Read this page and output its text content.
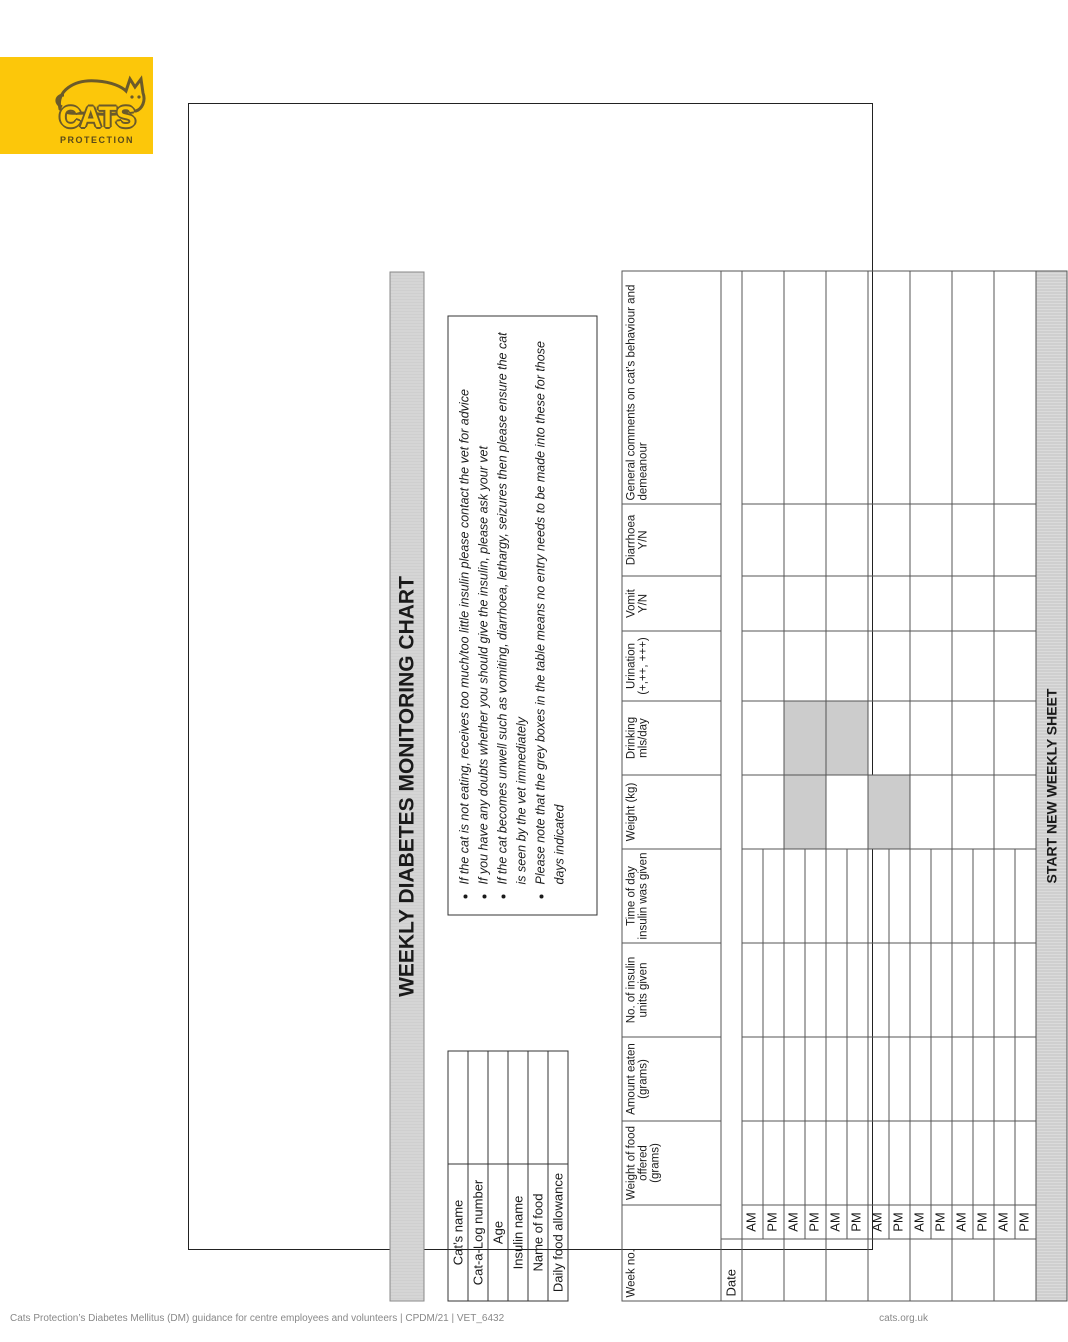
CATS
PROTECTION
WEEKLY DIABETES MONITORING CHART
Cat’s name	
Cat-a-Log number	
Age	
Insulin name	
Name of food	
Daily food allowance	
• If the cat is not eating, receives too much/too little insulin please contact the vet for advice • If you have any doubts whether you should give the insulin, please ask your vet • If the cat becomes unwell such as vomiting, diarrhoea, lethargy, seizures then please ensure the cat is seen by the vet immediately • Please note that the grey boxes in the table means no entry needs to be made into these for those days indicated
Week no.		Weight of food offered (grams)	Amount eaten (grams)	No. of insulin units given	Time of day insulin was given	Weight (kg)	Drinking mls/day	Urination (+,++, +++)	Vomit Y/N	Diarrhoea Y/N	General comments on cat’s behaviour and demeanour
Date											
	AM										
	PM										
	AM										
	PM										
	AM										
	PM										
	AM										
	PM										
	AM										
	PM										
	AM										
	PM										
	AM										
	PM										
START NEW WEEKLY SHEET											
Cats Protection’s Diabetes Mellitus (DM) guidance for centre employees and volunteers | CPDM/21 | VET_6432	cats.org.uk
